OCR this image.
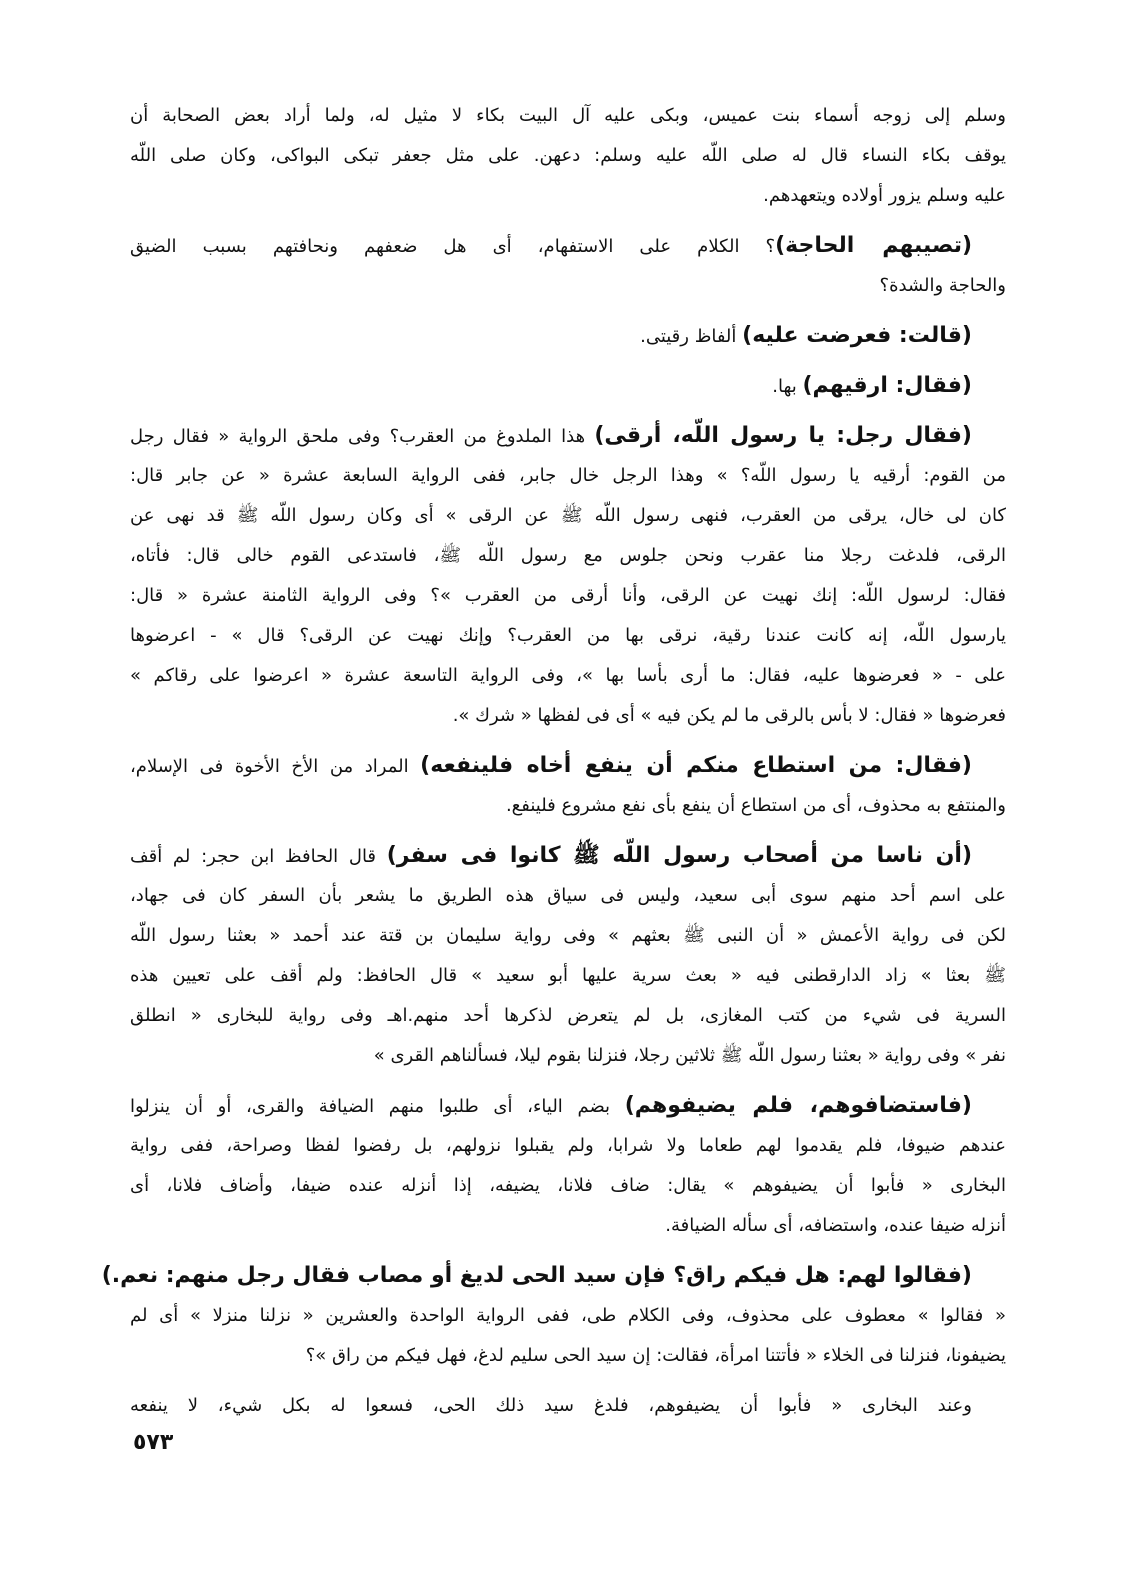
وسلم إلى زوجه أسماء بنت عميس، وبكى عليه آل البيت بكاء لا مثيل له، ولما أراد بعض الصحابة أن
يوقف بكاء النساء قال له صلى اللّه عليه وسلم: دعهن. على مثل جعفر تبكى البواكى، وكان صلى اللّه
عليه وسلم يزور أولاده ويتعهدهم.
(تصيبهم الحاجة)؟ الكلام على الاستفهام، أى هل ضعفهم ونحافتهم بسبب الضيق
والحاجة والشدة؟
(قالت: فعرضت عليه) ألفاظ رقيتى.
(فقال: ارقيهم) بها.
(فقال رجل: يا رسول اللّه، أرقى) هذا الملدوغ من العقرب؟ وفى ملحق الرواية « فقال رجل
من القوم: أرقيه يا رسول اللّه؟ » وهذا الرجل خال جابر، ففى الرواية السابعة عشرة « عن جابر قال:
كان لى خال، يرقى من العقرب، فنهى رسول اللّه ﷺ عن الرقى » أى وكان رسول اللّه ﷺ قد نهى عن
الرقى، فلدغت رجلا منا عقرب ونحن جلوس مع رسول اللّه ﷺ، فاستدعى القوم خالى قال: فأتاه،
فقال: لرسول اللّه: إنك نهيت عن الرقى، وأنا أرقى من العقرب »؟ وفى الرواية الثامنة عشرة « قال:
يارسول اللّه، إنه كانت عندنا رقية، نرقى بها من العقرب؟ وإنك نهيت عن الرقى؟ قال » - اعرضوها
على - « فعرضوها عليه، فقال: ما أرى بأسا بها »، وفى الرواية التاسعة عشرة « اعرضوا على رقاكم »
فعرضوها « فقال: لا بأس بالرقى ما لم يكن فيه » أى فى لفظها « شرك ».
(فقال: من استطاع منكم أن ينفع أخاه فلينفعه) المراد من الأخ الأخوة فى الإسلام،
والمنتفع به محذوف، أى من استطاع أن ينفع بأى نفع مشروع فلينفع.
(أن ناسا من أصحاب رسول اللّه ﷺ كانوا فى سفر) قال الحافظ ابن حجر: لم أقف
على اسم أحد منهم سوى أبى سعيد، وليس فى سياق هذه الطريق ما يشعر بأن السفر كان فى جهاد،
لكن فى رواية الأعمش « أن النبى ﷺ بعثهم » وفى رواية سليمان بن قتة عند أحمد « بعثنا رسول اللّه
ﷺ بعثا » زاد الدارقطنى فيه « بعث سرية عليها أبو سعيد » قال الحافظ: ولم أقف على تعيين هذه
السرية فى شيء من كتب المغازى، بل لم يتعرض لذكرها أحد منهم.اهـ وفى رواية للبخارى « انطلق
نفر » وفى رواية « بعثنا رسول اللّه ﷺ ثلاثين رجلا، فنزلنا بقوم ليلا، فسألناهم القرى »
(فاستضافوهم، فلم يضيفوهم) بضم الياء، أى طلبوا منهم الضيافة والقرى، أو أن ينزلوا
عندهم ضيوفا، فلم يقدموا لهم طعاما ولا شرابا، ولم يقبلوا نزولهم، بل رفضوا لفظا وصراحة، ففى رواية
البخارى « فأبوا أن يضيفوهم » يقال: ضاف فلانا، يضيفه، إذا أنزله عنده ضيفا، وأضاف فلانا، أى
أنزله ضيفا عنده، واستضافه، أى سأله الضيافة.
(فقالوا لهم: هل فيكم راق؟ فإن سيد الحى لديغ أو مصاب فقال رجل منهم: نعم.)
« فقالوا » معطوف على محذوف، وفى الكلام طى، ففى الرواية الواحدة والعشرين « نزلنا منزلا » أى لم
يضيفونا، فنزلنا فى الخلاء « فأتتنا امرأة، فقالت: إن سيد الحى سليم لدغ، فهل فيكم من راق »؟
وعند البخارى « فأبوا أن يضيفوهم، فلدغ سيد ذلك الحى، فسعوا له بكل شيء، لا ينفعه
٥٧٣
